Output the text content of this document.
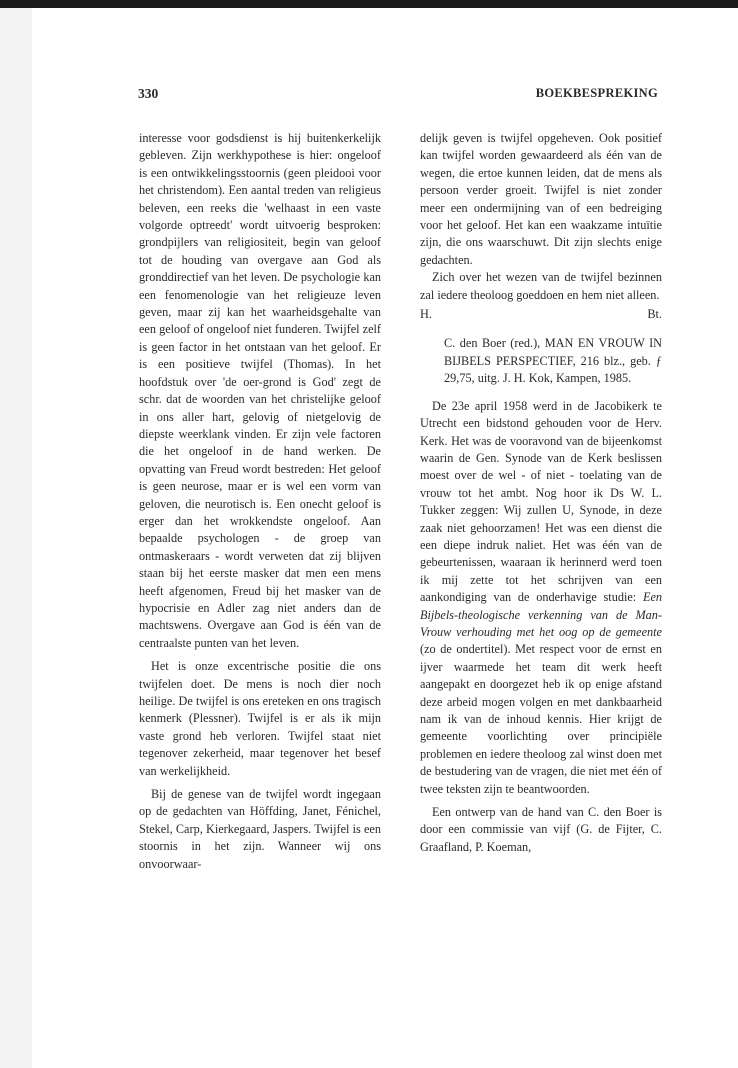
330	BOEKBESPREKING

interesse voor godsdienst is hij buitenkerkelijk gebleven. Zijn werkhypothese is hier: ongeloof is een ontwikkelingsstoornis (geen pleidooi voor het christendom). Een aantal treden van religieus beleven, een reeks die 'welhaast in een vaste volgorde optreedt' wordt uitvoerig besproken: grondpijlers van religiositeit, begin van geloof tot de houding van overgave aan God als gronddirectief van het leven. De psychologie kan een fenomenologie van het religieuze leven geven, maar zij kan het waarheidsgehalte van een geloof of ongeloof niet funderen. Twijfel zelf is geen factor in het ontstaan van het geloof. Er is een positieve twijfel (Thomas). In het hoofdstuk over 'de oer-grond is God' zegt de schr. dat de woorden van het christelijke geloof in ons aller hart, gelovig of nietgelovig de diepste weerklank vinden. Er zijn vele factoren die het ongeloof in de hand werken. De opvatting van Freud wordt bestreden: Het geloof is geen neurose, maar er is wel een vorm van geloven, die neurotisch is. Een onecht geloof is erger dan het wrokkendste ongeloof. Aan bepaalde psychologen - de groep van ontmaskeraars - wordt verweten dat zij blijven staan bij het eerste masker dat men een mens heeft afgenomen, Freud bij het masker van de hypocrisie en Adler zag niet anders dan de machtswens. Overgave aan God is één van de centraalste punten van het leven.

Het is onze excentrische positie die ons twijfelen doet. De mens is noch dier noch heilige. De twijfel is ons ereteken en ons tragisch kenmerk (Plessner). Twijfel is er als ik mijn vaste grond heb verloren. Twijfel staat niet tegenover zekerheid, maar tegenover het besef van werkelijkheid.

Bij de genese van de twijfel wordt ingegaan op de gedachten van Höffding, Janet, Fénichel, Stekel, Carp, Kierkegaard, Jaspers. Twijfel is een stoornis in het zijn. Wanneer wij ons onvoorwaar-

delijk geven is twijfel opgeheven. Ook positief kan twijfel worden gewaardeerd als één van de wegen, die ertoe kunnen leiden, dat de mens als persoon verder groeit. Twijfel is niet zonder meer een ondermijning van of een bedreiging voor het geloof. Het kan een waakzame intuïtie zijn, die ons waarschuwt. Dit zijn slechts enige gedachten.

Zich over het wezen van de twijfel bezinnen zal iedere theoloog goeddoen en hem niet alleen.

H.	Bt.

C. den Boer (red.), MAN EN VROUW IN BIJBELS PERSPECTIEF, 216 blz., geb. ƒ 29,75, uitg. J. H. Kok, Kampen, 1985.

De 23e april 1958 werd in de Jacobikerk te Utrecht een bidstond gehouden voor de Herv. Kerk. Het was de vooravond van de bijeenkomst waarin de Gen. Synode van de Kerk beslissen moest over de wel - of niet - toelating van de vrouw tot het ambt. Nog hoor ik Ds W. L. Tukker zeggen: Wij zullen U, Synode, in deze zaak niet gehoorzamen! Het was een dienst die een diepe indruk naliet. Het was één van de gebeurtenissen, waaraan ik herinnerd werd toen ik mij zette tot het schrijven van een aankondiging van de onderhavige studie: Een Bijbels-theologische verkenning van de Man-Vrouw verhouding met het oog op de gemeente (zo de ondertitel). Met respect voor de ernst en ijver waarmede het team dit werk heeft aangepakt en doorgezet heb ik op enige afstand deze arbeid mogen volgen en met dankbaarheid nam ik van de inhoud kennis. Hier krijgt de gemeente voorlichting over principiële problemen en iedere theoloog zal winst doen met de bestudering van de vragen, die niet met één of twee teksten zijn te beantwoorden.

Een ontwerp van de hand van C. den Boer is door een commissie van vijf (G. de Fijter, C. Graafland, P. Koeman,
